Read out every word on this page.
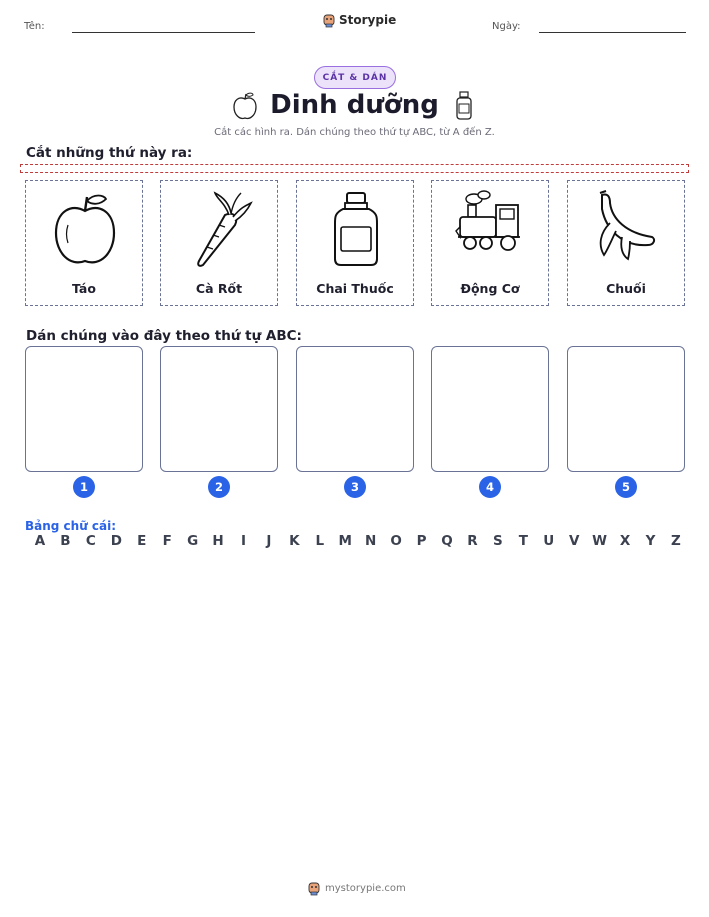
Tên:	Storypie	Ngày:
CẮT & DÁN
Dinh dưỡng
Cắt các hình ra. Dán chúng theo thứ tự ABC, từ A đến Z.
Cắt những thứ này ra:
Táo	Cà Rốt	Chai Thuốc	Động Cơ	Chuối
Dán chúng vào đây theo thứ tự ABC:
1	2	3	4	5
Bảng chữ cái:
A B C D E F G H	I	J	K L M N O P Q R S T U V W X Y Z
mystorypie.com
